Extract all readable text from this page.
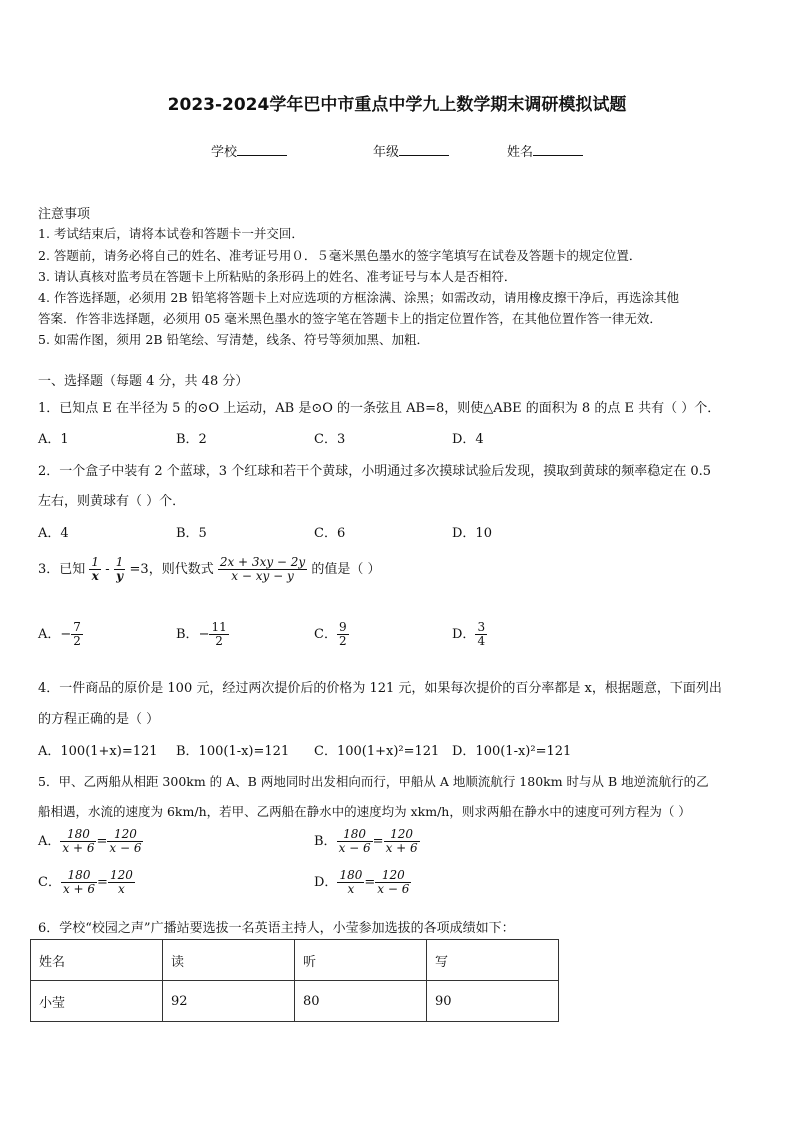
2023-2024学年巴中市重点中学九上数学期末调研模拟试题
学校	年级	姓名
注意事项
1. 考试结束后，请将本试卷和答题卡一并交回．
2. 答题前，请务必将自己的姓名、准考证号用０．５毫米黑色墨水的签字笔填写在试卷及答题卡的规定位置．
3. 请认真核对监考员在答题卡上所粘贴的条形码上的姓名、准考证号与本人是否相符．
4. 作答选择题，必须用 2B 铅笔将答题卡上对应选项的方框涂满、涂黑；如需改动，请用橡皮擦干净后，再选涂其他
答案．作答非选择题，必须用 05 毫米黑色墨水的签字笔在答题卡上的指定位置作答，在其他位置作答一律无效．
5. 如需作图，须用 2B 铅笔绘、写清楚，线条、符号等须加黑、加粗．
一、选择题（每题 4 分，共 48 分）
1．已知点 E 在半径为 5 的⊙O 上运动，AB 是⊙O 的一条弦且 AB=8，则使△ABE 的面积为 8 的点 E 共有（ ）个．
A．1	B．2	C．3	D．4
2．一个盒子中装有 2 个蓝球，3 个红球和若干个黄球，小明通过多次摸球试验后发现，摸取到黄球的频率稳定在 0.5
左右，则黄球有（ ）个．
A．4	B．5	C．6	D．10
3．已知 $\frac{1}{x} - \frac{1}{y} =3$，则代数式 $\frac{2x + 3xy - 2y}{x - xy - y}$ 的值是（ ）
A．− $\frac{7}{2}$	B．− $\frac{11}{2}$	C． $\frac{9}{2}$	D． $\frac{3}{4}$
4．一件商品的原价是 100 元，经过两次提价后的价格为 121 元，如果每次提价的百分率都是 x，根据题意，下面列出
的方程正确的是（ ）
A．100(1+x)=121 B．100(1-x)=121 C．100(1+x)²=121 D．100(1-x)²=121
5．甲、乙两船从相距 300km 的 A、B 两地同时出发相向而行，甲船从 A 地顺流航行 180km 时与从 B 地逆流航行的乙
船相遇，水流的速度为 6km/h，若甲、乙两船在静水中的速度均为 xkm/h，则求两船在静水中的速度可列方程为（ ）
A． $\frac{180}{x + 6} = \frac{120}{x - 6}$	B． $\frac{180}{x - 6} = \frac{120}{x + 6}$
C． $\frac{180}{x + 6} = \frac{120}{x}$	D． $\frac{180}{x} = \frac{120}{x - 6}$
6．学校“校园之声”广播站要选拔一名英语主持人，小莹参加选拔的各项成绩如下：
姓名	读	听	写
小莹	92	80	90
